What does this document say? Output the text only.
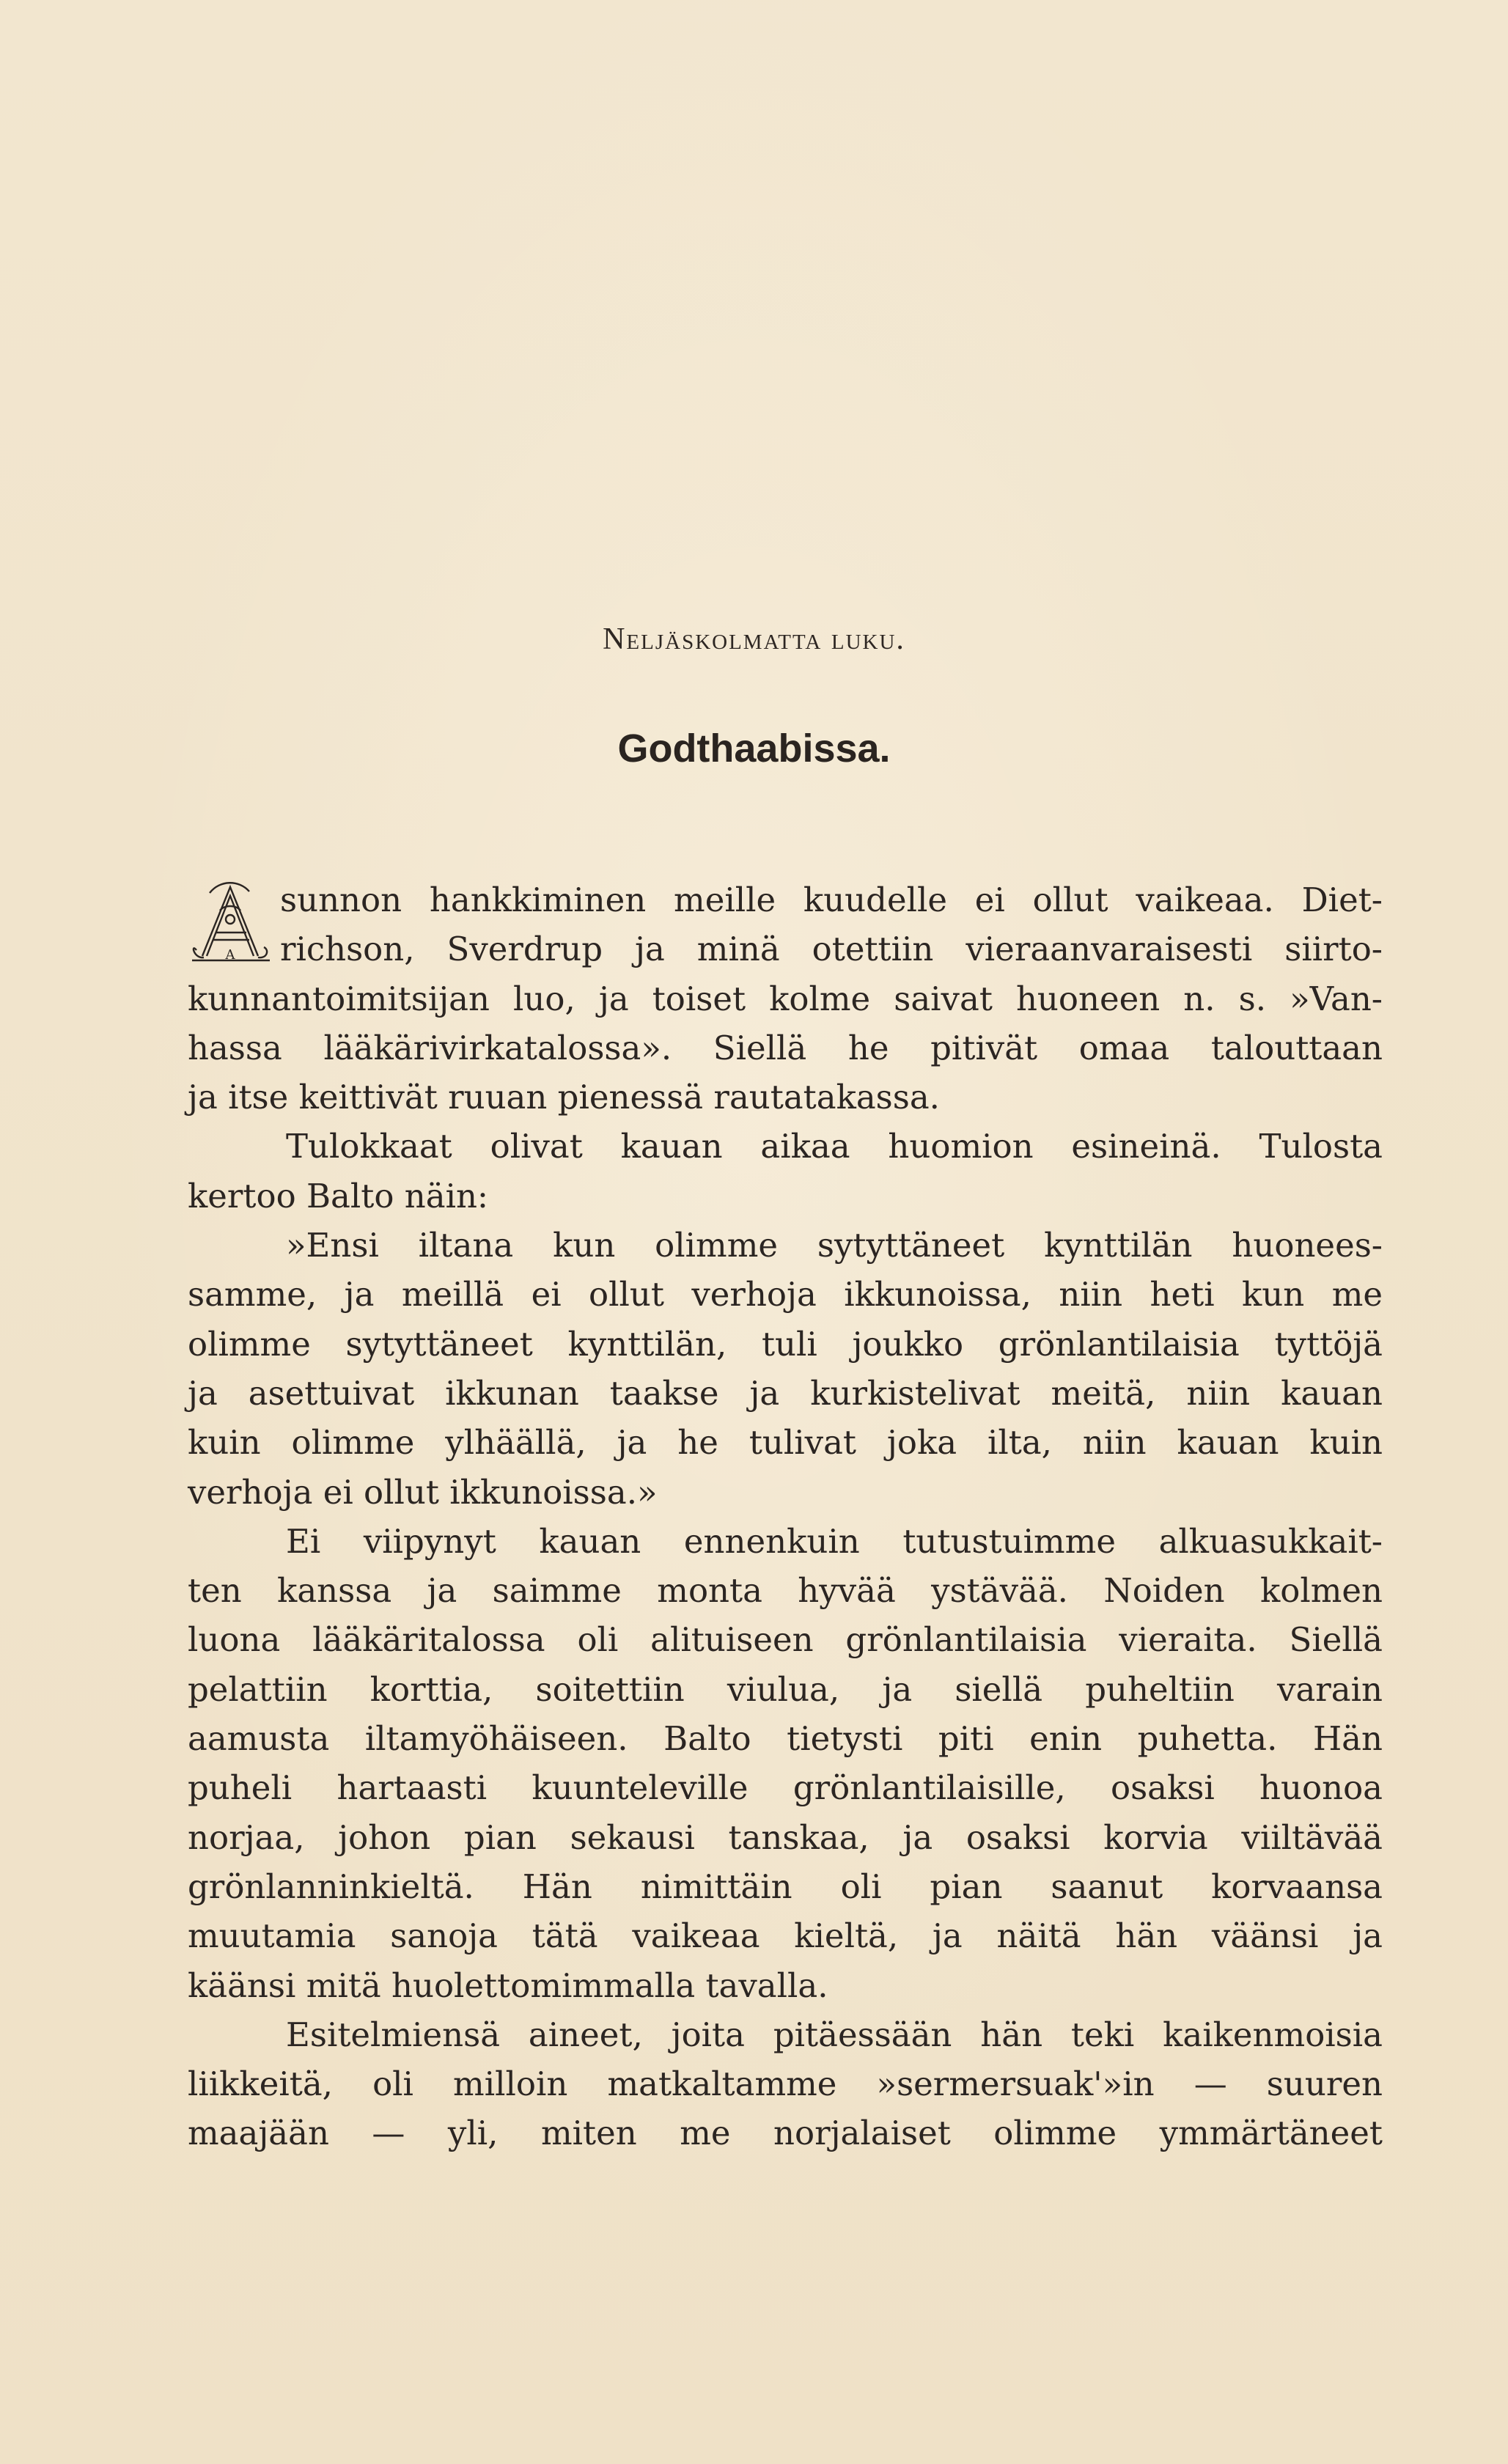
Neljäskolmatta luku.
Godthaabissa.
A

sunnon hankkiminen meille kuudelle ei ollut vaikeaa. Diet-
richson, Sverdrup ja minä otettiin vieraanvaraisesti siirto-

kunnantoimitsijan luo, ja toiset kolme saivat huoneen n. s. »Van-
hassa lääkärivirkatalossa». Siellä he pitivät omaa talouttaan

ja itse keittivät ruuan pienessä rautatakassa.

Tulokkaat olivat kauan aikaa huomion esineinä. Tulosta

kertoo Balto näin:

»Ensi iltana kun olimme sytyttäneet kynttilän huonees-

samme, ja meillä ei ollut verhoja ikkunoissa, niin heti kun me
olimme sytyttäneet kynttilän, tuli joukko grönlantilaisia tyttöjä
ja asettuivat ikkunan taakse ja kurkistelivat meitä, niin kauan
kuin olimme ylhäällä, ja he tulivat joka ilta, niin kauan kuin

verhoja ei ollut ikkunoissa.»

Ei viipynyt kauan ennenkuin tutustuimme alkuasukkait-

ten kanssa ja saimme monta hyvää ystävää. Noiden kolmen
luona lääkäritalossa oli alituiseen grönlantilaisia vieraita. Siellä
pelattiin korttia, soitettiin viulua, ja siellä puheltiin varain
aamusta iltamyöhäiseen. Balto tietysti piti enin puhetta. Hän
puheli hartaasti kuunteleville grönlantilaisille, osaksi huonoa
norjaa, johon pian sekausi tanskaa, ja osaksi korvia viiltävää
grönlanninkieltä. Hän nimittäin oli pian saanut korvaansa
muutamia sanoja tätä vaikeaa kieltä, ja näitä hän väänsi ja

käänsi mitä huolettomimmalla tavalla.

Esitelmiensä aineet, joita pitäessään hän teki kaikenmoisia

liikkeitä, oli milloin matkaltamme »sermersuak'»in — suuren

maajään — yli, miten me norjalaiset olimme ymmärtäneet
